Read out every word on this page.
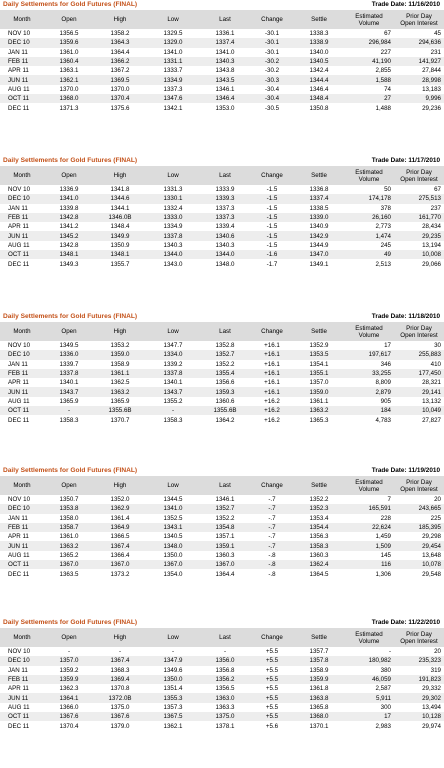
Daily Settlements for Gold Futures (FINAL)	Trade Date: 11/16/2010
Month	Open	High	Low	Last	Change	Settle	Estimated
Volume	Prior Day
Open Interest
NOV 10	1356.5	1358.2	1329.5	1336.1	-30.1	1338.3	67	45
DEC 10	1359.6	1364.3	1329.0	1337.4	-30.1	1338.9	296,984	294,636
JAN 11	1361.0	1364.4	1341.0	1341.0	-30.1	1340.0	227	231
FEB 11	1360.4	1366.2	1331.1	1340.3	-30.2	1340.5	41,190	141,927
APR 11	1363.1	1367.2	1333.7	1343.8	-30.2	1342.4	2,855	27,844
JUN 11	1362.1	1369.5	1334.9	1343.5	-30.3	1344.4	1,588	28,998
AUG 11	1370.0	1370.0	1337.3	1346.1	-30.4	1346.4	74	13,183
OCT 11	1368.0	1370.4	1347.6	1346.4	-30.4	1348.4	27	9,996
DEC 11	1371.3	1375.6	1342.1	1353.0	-30.5	1350.8	1,488	29,236
Daily Settlements for Gold Futures (FINAL)	Trade Date: 11/17/2010
Month	Open	High	Low	Last	Change	Settle	Estimated
Volume	Prior Day
Open Interest
NOV 10	1336.9	1341.8	1331.3	1333.9	-1.5	1336.8	50	67
DEC 10	1341.0	1344.6	1330.1	1339.3	-1.5	1337.4	174,178	275,513
JAN 11	1339.8	1344.1	1332.4	1337.3	-1.5	1338.5	378	237
FEB 11	1342.8	1346.0B	1333.0	1337.3	-1.5	1339.0	26,160	161,770
APR 11	1341.2	1348.4	1334.9	1339.4	-1.5	1340.9	2,773	28,434
JUN 11	1345.2	1349.9	1337.8	1340.6	-1.5	1342.9	1,474	29,235
AUG 11	1342.8	1350.9	1340.3	1340.3	-1.5	1344.9	245	13,194
OCT 11	1348.1	1348.1	1344.0	1344.0	-1.6	1347.0	49	10,008
DEC 11	1349.3	1355.7	1343.0	1348.0	-1.7	1349.1	2,513	29,066
Daily Settlements for Gold Futures (FINAL)	Trade Date: 11/18/2010
Month	Open	High	Low	Last	Change	Settle	Estimated
Volume	Prior Day
Open Interest
NOV 10	1349.5	1353.2	1347.7	1352.8	+16.1	1352.9	17	30
DEC 10	1336.0	1359.0	1334.0	1352.7	+16.1	1353.5	197,617	255,883
JAN 11	1339.7	1358.9	1339.2	1352.2	+16.1	1354.1	346	410
FEB 11	1337.8	1361.1	1337.8	1355.4	+16.1	1355.1	33,255	177,450
APR 11	1340.1	1362.5	1340.1	1356.6	+16.1	1357.0	8,809	28,321
JUN 11	1343.7	1363.2	1343.7	1359.3	+16.1	1359.0	2,879	29,141
AUG 11	1365.9	1365.9	1355.2	1360.6	+16.2	1361.1	905	13,132
OCT 11	-	1355.6B	-	1355.6B	+16.2	1363.2	184	10,049
DEC 11	1358.3	1370.7	1358.3	1364.2	+16.2	1365.3	4,783	27,827
Daily Settlements for Gold Futures (FINAL)	Trade Date: 11/19/2010
Month	Open	High	Low	Last	Change	Settle	Estimated
Volume	Prior Day
Open Interest
NOV 10	1350.7	1352.0	1344.5	1346.1	-.7	1352.2	7	20
DEC 10	1353.8	1362.9	1341.0	1352.7	-.7	1352.3	165,591	243,665
JAN 11	1358.0	1361.4	1352.5	1352.2	-.7	1353.4	228	225
FEB 11	1358.7	1364.9	1343.1	1354.8	-.7	1354.4	22,624	185,395
APR 11	1361.0	1366.5	1340.5	1357.1	-.7	1356.3	1,459	29,298
JUN 11	1363.2	1367.4	1348.0	1359.1	-.7	1358.3	1,509	29,454
AUG 11	1365.2	1366.4	1350.0	1360.3	-.8	1360.3	145	13,648
OCT 11	1367.0	1367.0	1367.0	1367.0	-.8	1362.4	116	10,078
DEC 11	1363.5	1373.2	1354.0	1364.4	-.8	1364.5	1,306	29,548
Daily Settlements for Gold Futures (FINAL)	Trade Date: 11/22/2010
Month	Open	High	Low	Last	Change	Settle	Estimated
Volume	Prior Day
Open Interest
NOV 10	-	-	-	-	+5.5	1357.7	-	20
DEC 10	1357.0	1367.4	1347.9	1356.0	+5.5	1357.8	180,982	235,323
JAN 11	1359.2	1368.3	1349.6	1356.8	+5.5	1358.9	380	319
FEB 11	1359.9	1369.4	1350.0	1356.2	+5.5	1359.9	46,059	191,823
APR 11	1362.3	1370.8	1351.4	1356.5	+5.5	1361.8	2,587	29,332
JUN 11	1364.1	1372.0B	1355.3	1363.0	+5.5	1363.8	5,911	29,302
AUG 11	1366.0	1375.0	1357.3	1363.3	+5.5	1365.8	300	13,494
OCT 11	1367.6	1367.6	1367.5	1375.0	+5.5	1368.0	17	10,128
DEC 11	1370.4	1379.0	1362.1	1378.1	+5.6	1370.1	2,983	29,974
